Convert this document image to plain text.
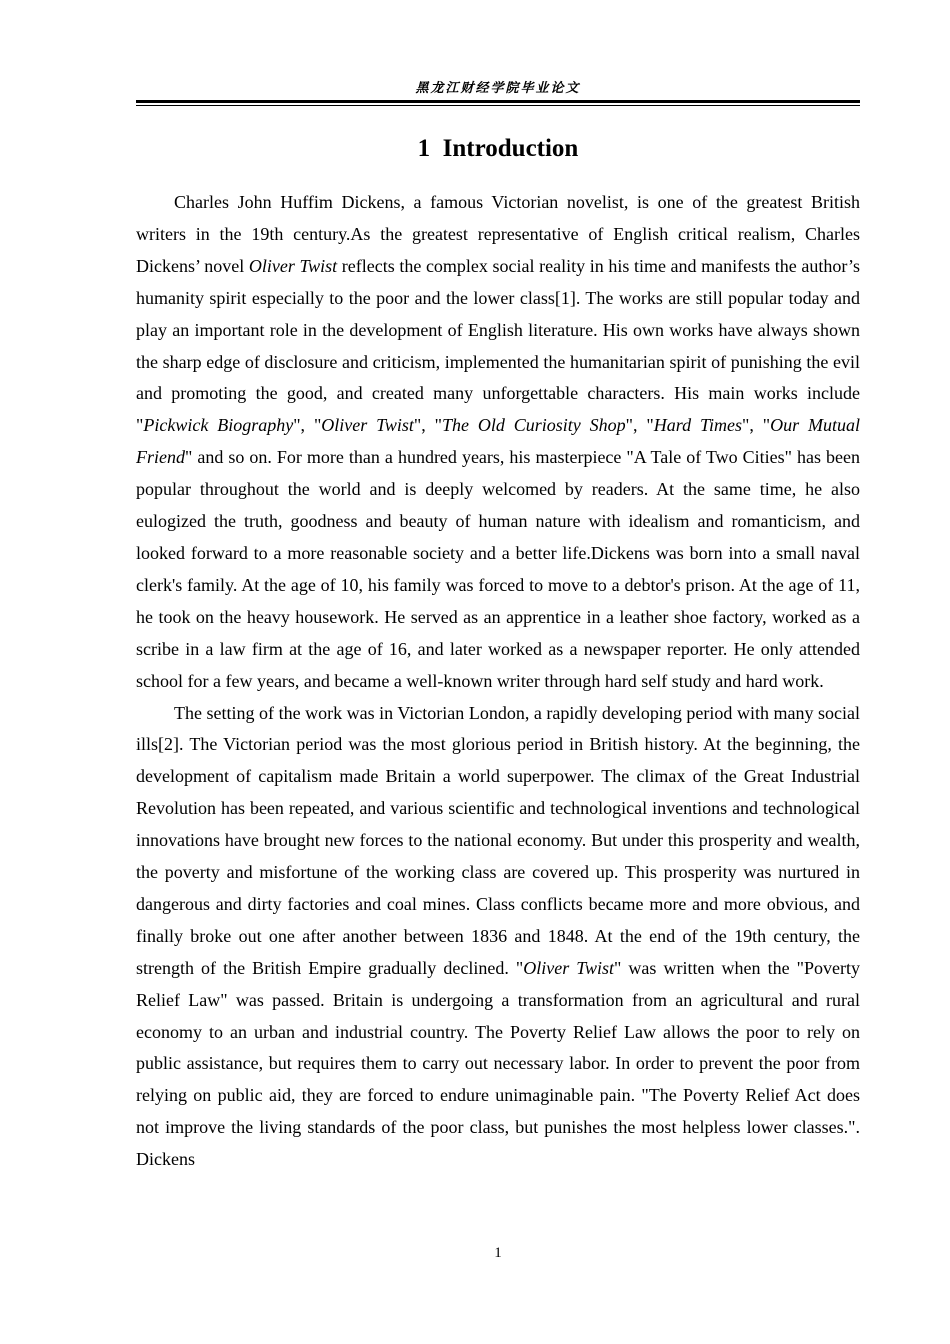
黑龙江财经学院毕业论文
1  Introduction

Charles John Huffim Dickens, a famous Victorian novelist, is one of the greatest British writers in the 19th century.As the greatest representative of English critical realism, Charles Dickens’ novel Oliver Twist reflects the complex social reality in his time and manifests the author’s humanity spirit especially to the poor and the lower class[1]. The works are still popular today and play an important role in the development of English literature. His own works have always shown the sharp edge of disclosure and criticism, implemented the humanitarian spirit of punishing the evil and promoting the good, and created many unforgettable characters. His main works include "Pickwick Biography", "Oliver Twist", "The Old Curiosity Shop", "Hard Times", "Our Mutual Friend" and so on. For more than a hundred years, his masterpiece "A Tale of Two Cities" has been popular throughout the world and is deeply welcomed by readers. At the same time, he also eulogized the truth, goodness and beauty of human nature with idealism and romanticism, and looked forward to a more reasonable society and a better life.Dickens was born into a small naval clerk's family. At the age of 10, his family was forced to move to a debtor's prison. At the age of 11, he took on the heavy housework. He served as an apprentice in a leather shoe factory, worked as a scribe in a law firm at the age of 16, and later worked as a newspaper reporter. He only attended school for a few years, and became a well-known writer through hard self study and hard work.

The setting of the work was in Victorian London, a rapidly developing period with many social ills[2]. The Victorian period was the most glorious period in British history. At the beginning, the development of capitalism made Britain a world superpower. The climax of the Great Industrial Revolution has been repeated, and various scientific and technological inventions and technological innovations have brought new forces to the national economy. But under this prosperity and wealth, the poverty and misfortune of the working class are covered up. This prosperity was nurtured in dangerous and dirty factories and coal mines. Class conflicts became more and more obvious, and finally broke out one after another between 1836 and 1848. At the end of the 19th century, the strength of the British Empire gradually declined. "Oliver Twist" was written when the "Poverty Relief Law" was passed. Britain is undergoing a transformation from an agricultural and rural economy to an urban and industrial country. The Poverty Relief Law allows the poor to rely on public assistance, but requires them to carry out necessary labor. In order to prevent the poor from relying on public aid, they are forced to endure unimaginable pain. "The Poverty Relief Act does not improve the living standards of the poor class, but punishes the most helpless lower classes.". Dickens

1
